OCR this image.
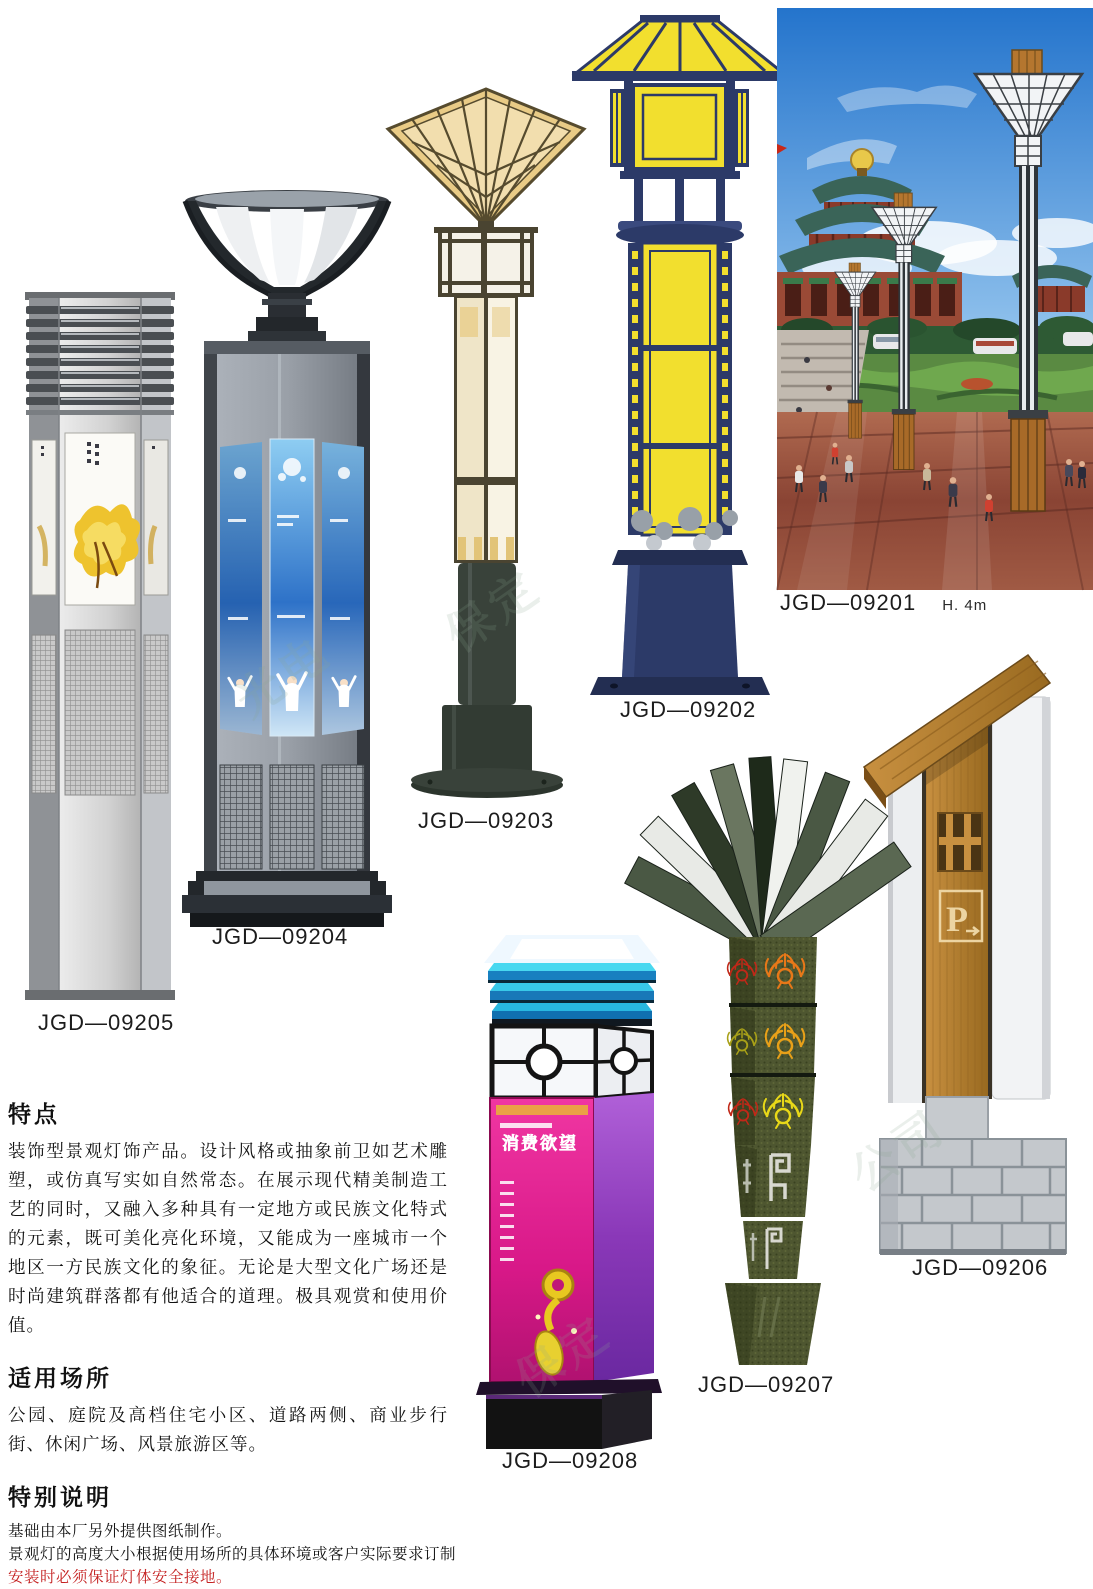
P
消费欲望
JGD—09201 H. 4m
JGD—09202
JGD—09203
JGD—09204
JGD—09205
JGD—09206
JGD—09207
JGD—09208
特点

装饰型景观灯饰产品。设计风格或抽象前卫如艺术雕塑，或仿真写实如自然常态。在展示现代精美制造工艺的同时，又融入多种具有一定地方或民族文化特式的元素，既可美化亮化环境，又能成为一座城市一个地区一方民族文化的象征。无论是大型文化广场还是时尚建筑群落都有他适合的道理。极具观赏和使用价值。

适用场所

公园、庭院及高档住宅小区、道路两侧、商业步行街、休闲广场、风景旅游区等。

特别说明
基础由本厂另外提供图纸制作。
景观灯的高度大小根据使用场所的具体环境或客户实际要求订制
安装时必须保证灯体安全接地。
